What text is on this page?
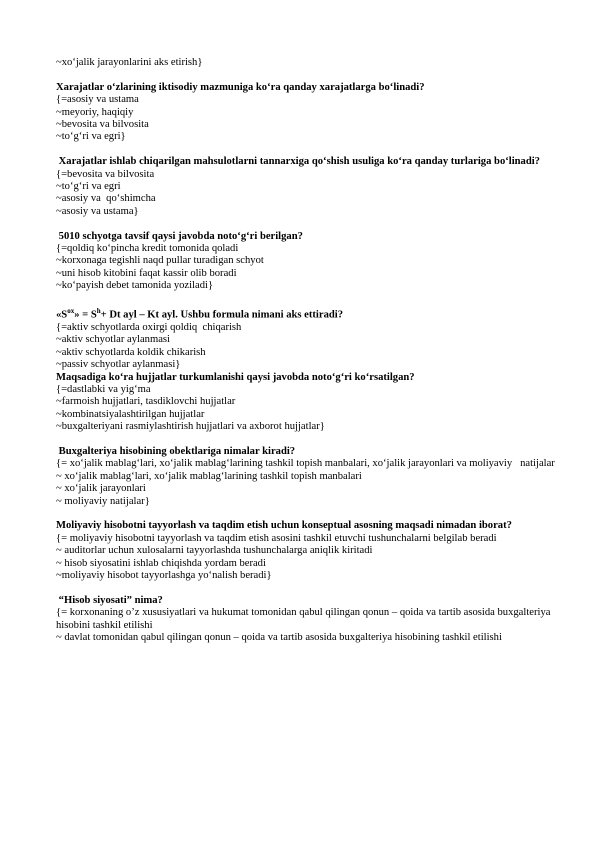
~xo‘jalik jarayonlarini aks etirish}
Xarajatlar o‘zlarining iktisodiy mazmuniga ko‘ra qanday xarajatlarga bo‘linadi?
{=asosiy va ustama
~meyoriy, haqiqiy
~bevosita va bilvosita
~to‘g‘ri va egri}
Xarajatlar ishlab chiqarilgan mahsulotlarni tannarxiga qo‘shish usuliga ko‘ra qanday turlariga bo‘linadi?
{=bevosita va bilvosita
~to‘g‘ri va egri
~asosiy va  qo‘shimcha
~asosiy va ustama}
5010 schyotga tavsif qaysi javobda noto‘g‘ri berilgan?
{=qoldiq ko‘pincha kredit tomonida qoladi
~korxonaga tegishli naqd pullar turadigan schyot
~uni hisob kitobini faqat kassir olib boradi
~ko‘payish debet tamonida yoziladi}
«$S^{ox}$» = $S^h+ Dt$ ayl – Kt ayl. Ushbu formula nimani aks ettiradi?
{=aktiv schyotlarda oxirgi qoldiq  chiqarish
~aktiv schyotlar aylanmasi
~aktiv schyotlarda koldik chikarish
~passiv schyotlar aylanmasi}
Maqsadiga ko‘ra hujjatlar turkumlanishi qaysi javobda noto‘g‘ri ko‘rsatilgan?
{=dastlabki va yig‘ma
~farmoish hujjatlari, tasdiklovchi hujjatlar
~kombinatsiyalashtirilgan hujjatlar
~buxgalteriyani rasmiylashtirish hujjatlari va axborot hujjatlar}
Buxgalteriya hisobining obektlariga nimalar kiradi?
{= xo‘jalik mablag‘lari, xo‘jalik mablag‘larining tashkil topish manbalari, xo‘jalik jarayonlari va moliyaviy   natijalar
~ xo‘jalik mablag‘lari, xo‘jalik mablag‘larining tashkil topish manbalari
~ xo‘jalik jarayonlari
~ moliyaviy natijalar}
Moliyaviy hisobotni tayyorlash va taqdim etish uchun konseptual asosning maqsadi nimadan iborat?
{= moliyaviy hisobotni tayyorlash va taqdim etish asosini tashkil etuvchi tushunchalarni belgilab beradi
~ auditorlar uchun xulosalarni tayyorlashda tushunchalarga aniqlik kiritadi
~ hisob siyosatini ishlab chiqishda yordam beradi
~moliyaviy hisobot tayyorlashga yo‘nalish beradi}
“Hisob siyosati” nima?
{= korxonaning o’z xususiyatlari va hukumat tomonidan qabul qilingan qonun – qoida va tartib asosida buxgalteriya hisobini tashkil etilishi
~ davlat tomonidan qabul qilingan qonun – qoida va tartib asosida buxgalteriya hisobining tashkil etilishi
